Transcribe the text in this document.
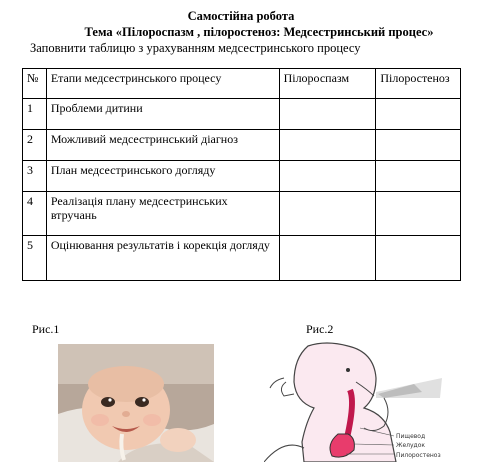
Самостійна робота
Тема «Пілороспазм , пілоростеноз: Медсестринський процес»
Заповнити таблицю з урахуванням медсестринського процесу
№	Етапи медсестринського процесу	Пілороспазм	Пілоростеноз
1	Проблеми дитини		
2	Можливий медсестринський діагноз		
3	План медсестринського догляду		
4	Реалізація плану медсестринських втручань		
5	Оцінювання результатів і корекція догляду		
Рис.1	Рис.2
Пищевод
Желудок
Пилоростеноз
